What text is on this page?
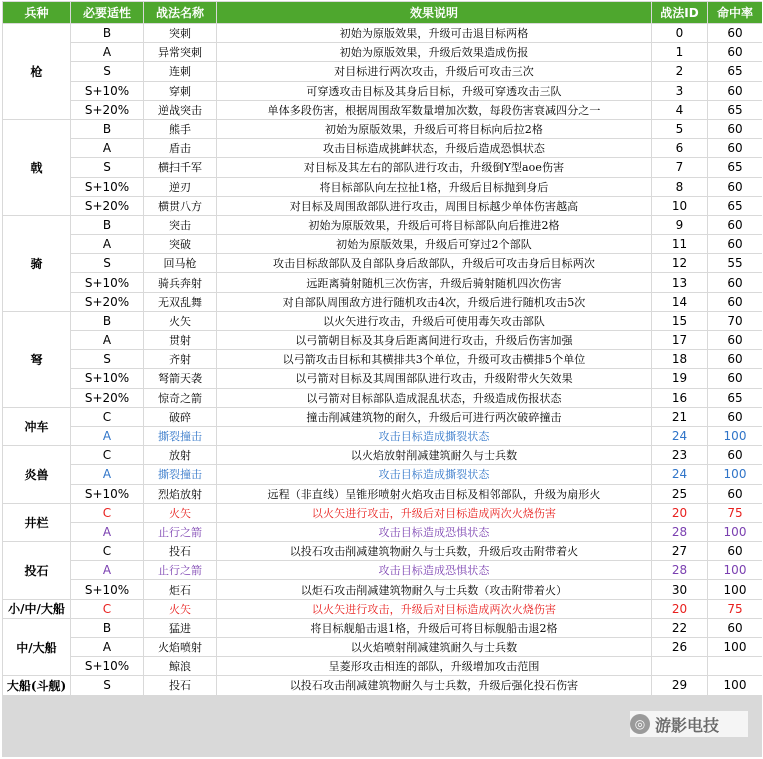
兵种	必要适性	战法名称	效果说明	战法ID	命中率
枪	B	突刺	初始为原版效果，升级可击退目标两格	0	60
	A	异常突刺	初始为原版效果，升级后效果造成伤报	1	60
	S	连刺	对目标进行两次攻击，升级后可攻击三次	2	65
	S+10%	穿刺	可穿透攻击目标及其身后目标，升级可穿透攻击三队	3	60
	S+20%	逆战突击	单体多段伤害，根据周围敌军数量增加次数，每段伤害衰减四分之一	4	65
戟	B	熊手	初始为原版效果，升级后可将目标向后拉2格	5	60
	A	盾击	攻击目标造成挑衅状态，升级后造成恐惧状态	6	60
	S	横扫千军	对目标及其左右的部队进行攻击，升级倒Y型aoe伤害	7	65
	S+10%	逆刃	将目标部队向左拉扯1格，升级后目标抛到身后	8	60
	S+20%	横贯八方	对目标及周围敌部队进行攻击，周围目标越少单体伤害越高	10	65
骑	B	突击	初始为原版效果，升级后可将目标部队向后推进2格	9	60
	A	突破	初始为原版效果，升级后可穿过2个部队	11	60
	S	回马枪	攻击目标敌部队及自部队身后敌部队，升级后可攻击身后目标两次	12	55
	S+10%	骑兵奔射	远距离骑射随机三次伤害，升级后骑射随机四次伤害	13	60
	S+20%	无双乱舞	对自部队周围敌方进行随机攻击4次，升级后进行随机攻击5次	14	60
弩	B	火矢	以火矢进行攻击，升级后可使用毒矢攻击部队	15	70
	A	贯射	以弓箭朝目标及其身后距离间进行攻击，升级后伤害加强	17	60
	S	齐射	以弓箭攻击目标和其横排共3个单位，升级可攻击横排5个单位	18	60
	S+10%	弩箭天袭	以弓箭对目标及其周围部队进行攻击，升级附带火矢效果	19	60
	S+20%	惊奇之箭	以弓箭对目标部队造成混乱状态，升级造成伤报状态	16	65
冲车	C	破碎	撞击削减建筑物的耐久，升级后可进行两次破碎撞击	21	60
	A	撕裂撞击	攻击目标造成撕裂状态	24	100
炎兽	C	放射	以火焰放射削减建筑耐久与士兵数	23	60
	A	撕裂撞击	攻击目标造成撕裂状态	24	100
	S+10%	烈焰放射	远程（非直线）呈锥形喷射火焰攻击目标及相邻部队，升级为扇形火	25	60
井栏	C	火矢	以火矢进行攻击，升级后对目标造成两次火烧伤害	20	75
	A	止行之箭	攻击目标造成恐惧状态	28	100
投石	C	投石	以投石攻击削减建筑物耐久与士兵数，升级后攻击附带着火	27	60
	A	止行之箭	攻击目标造成恐惧状态	28	100
	S+10%	炬石	以炬石攻击削减建筑物耐久与士兵数（攻击附带着火）	30	100
小/中/大船	C	火矢	以火矢进行攻击，升级后对目标造成两次火烧伤害	20	75
中/大船	B	猛进	将目标舰船击退1格，升级后可将目标舰船击退2格	22	60
	A	火焰喷射	以火焰喷射削减建筑耐久与士兵数	26	100
	S+10%	鲸浪	呈菱形攻击相连的部队，升级增加攻击范围		
大船(斗舰)	S	投石	以投石攻击削减建筑物耐久与士兵数，升级后强化投石伤害	29	100
◎ 游影电技
